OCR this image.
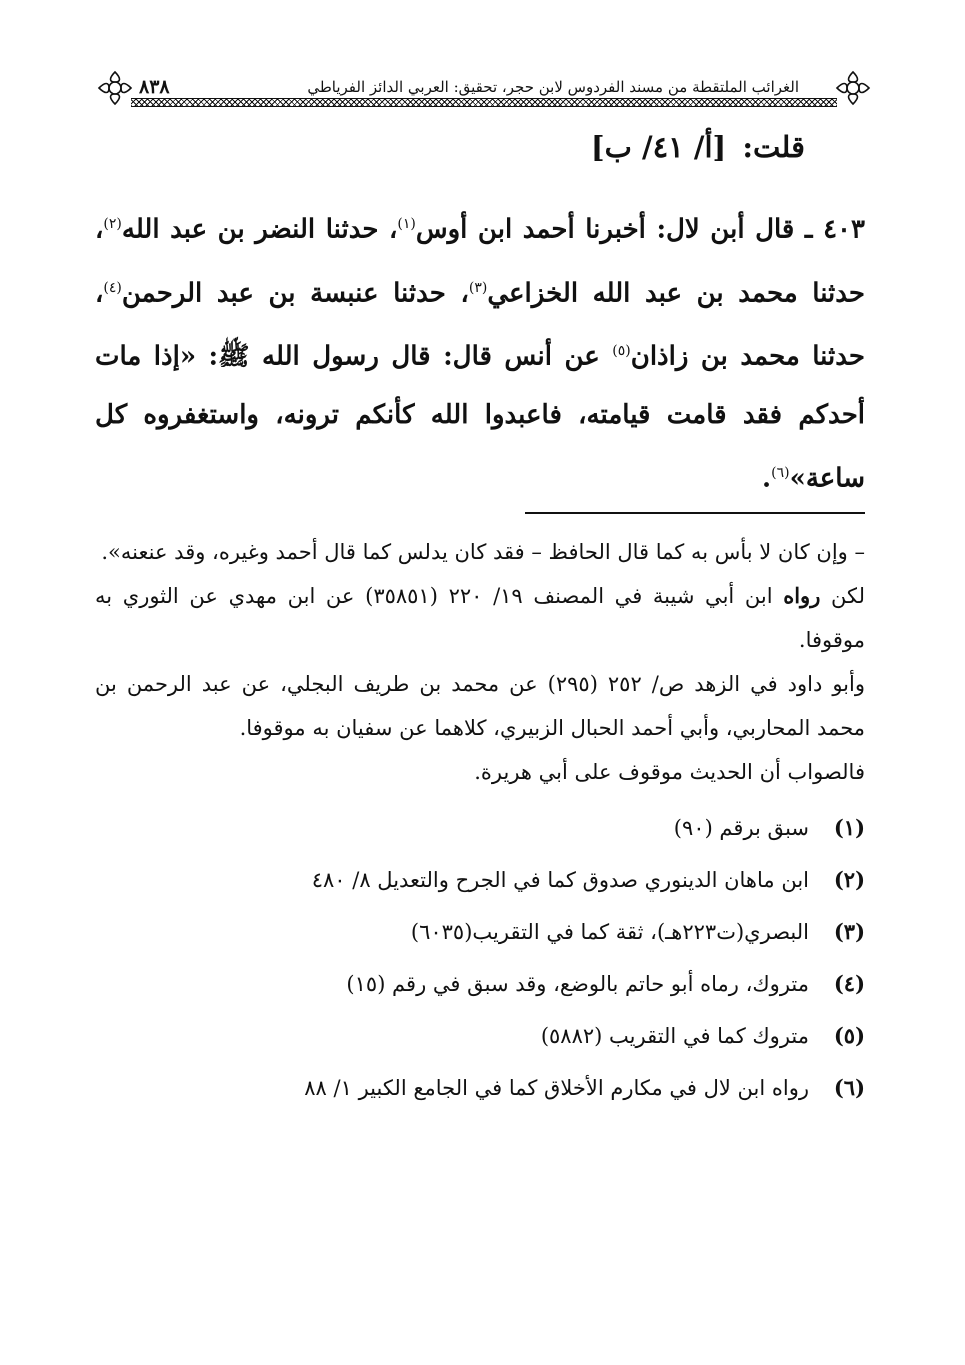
الغرائب الملتقطة من مسند الفردوس لابن حجر، تحقيق: العربي الدائز الفرياطي
٨٣٨
قلت: [أ/ ٤١/ ب]
٤٠٣ ـ قال أبن لال: أخبرنا أحمد ابن أوس$^{(١)}$، حدثنا النضر بن عبد الله$^{(٢)}$، حدثنا محمد بن عبد الله الخزاعي$^{(٣)}$، حدثنا عنبسة بن عبد الرحمن$^{(٤)}$، حدثنا محمد بن زاذان$^{(٥)}$ عن أنس قال: قال رسول الله ﷺ: «إذا مات أحدكم فقد قامت قيامته، فاعبدوا الله كأنكم ترونه، واستغفروه كل ساعة»$^{(٦)}$.

– وإن كان لا بأس به كما قال الحافظ – فقد كان يدلس كما قال أحمد وغيره، وقد عنعنه».

لكن رواه ابن أبي شيبة في المصنف ١٩/ ٢٢٠ (٣٥٨٥١) عن ابن مهدي عن الثوري به موقوفا.

وأبو داود في الزهد ص/ ٢٥٢ (٢٩٥) عن محمد بن طريف البجلي، عن عبد الرحمن بن محمد المحاربي، وأبي أحمد الحبال الزبيري، كلاهما عن سفيان به موقوفا.

فالصواب أن الحديث موقوف على أبي هريرة.

(١)
سبق برقم (٩٠)
(٢)
ابن ماهان الدينوري صدوق كما في الجرح والتعديل ٨/ ٤٨٠
(٣)
البصري(ت٢٢٣هـ)، ثقة كما في التقريب(٦٠٣٥)
(٤)
متروك، رماه أبو حاتم بالوضع، وقد سبق في رقم (١٥)
(٥)
متروك كما في التقريب (٥٨٨٢)
(٦)
رواه ابن لال في مكارم الأخلاق كما في الجامع الكبير ١/ ٨٨
